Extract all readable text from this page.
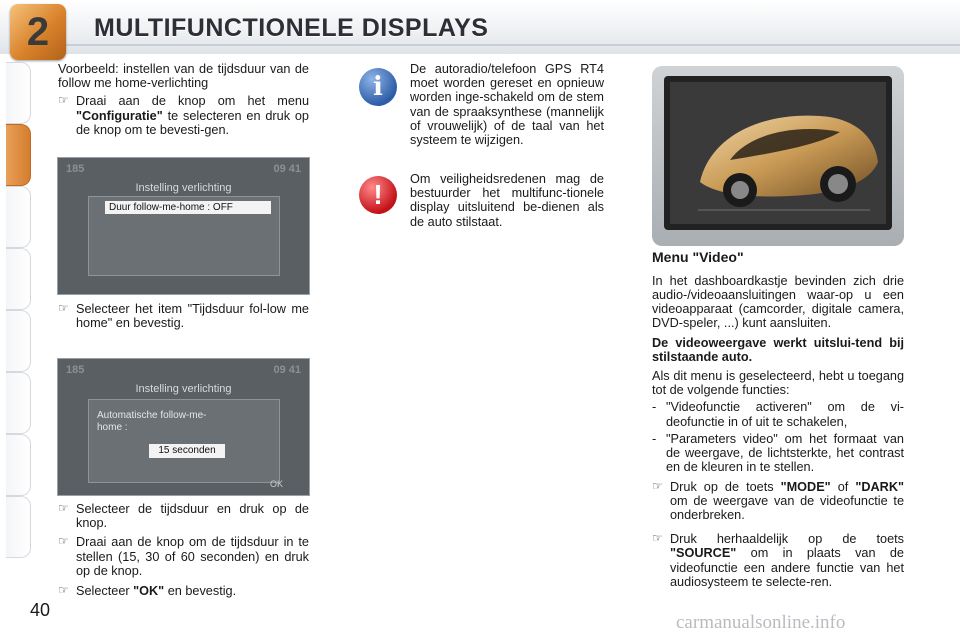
2 MULTIFUNCTIONELE DISPLAYS

Voorbeeld: instellen van de tijdsduur van de follow me home-verlichting

☞ Draai aan de knop om het menu "Configuratie" te selecteren en druk op de knop om te bevesti-gen.
185	09 41
Instelling verlichting
Duur follow-me-home : OFF
☞ Selecteer het item "Tijdsduur fol-low me home" en bevestig.
185	09 41
Instelling verlichting
Automatische follow-me-
home :
15 seconden
OK
☞ Selecteer de tijdsduur en druk op de knop.
☞ Draai aan de knop om de tijdsduur in te stellen (15, 30 of 60 seconden) en druk op de knop.
☞ Selecteer "OK" en bevestig.
i
De autoradio/telefoon GPS RT4 moet worden gereset en opnieuw worden inge-schakeld om de stem van de spraaksynthese (mannelijk of vrouwelijk) of de taal van het systeem te wijzigen.
!	Om veiligheidsredenen mag de bestuurder het multifunc-tionele display uitsluitend be-dienen als de auto stilstaat.
Menu "Video"

In het dashboardkastje bevinden zich drie audio-/videoaansluitingen waar-op u een videoapparaat (camcorder, digitale camera, DVD-speler, ...) kunt aansluiten.

De videoweergave werkt uitslui-tend bij stilstaande auto.

Als dit menu is geselecteerd, hebt u toegang tot de volgende functies:

- "Videofunctie activeren" om de vi-deofunctie in of uit te schakelen,
- "Parameters video" om het formaat van de weergave, de lichtsterkte, het contrast en de kleuren in te stellen.
☞ Druk op de toets "MODE" of "DARK" om de weergave van de videofunctie te onderbreken.
☞ Druk herhaaldelijk op de toets "SOURCE" om in plaats van de videofunctie een andere functie van het audiosysteem te selecte-ren.
40
carmanualsonline.info
